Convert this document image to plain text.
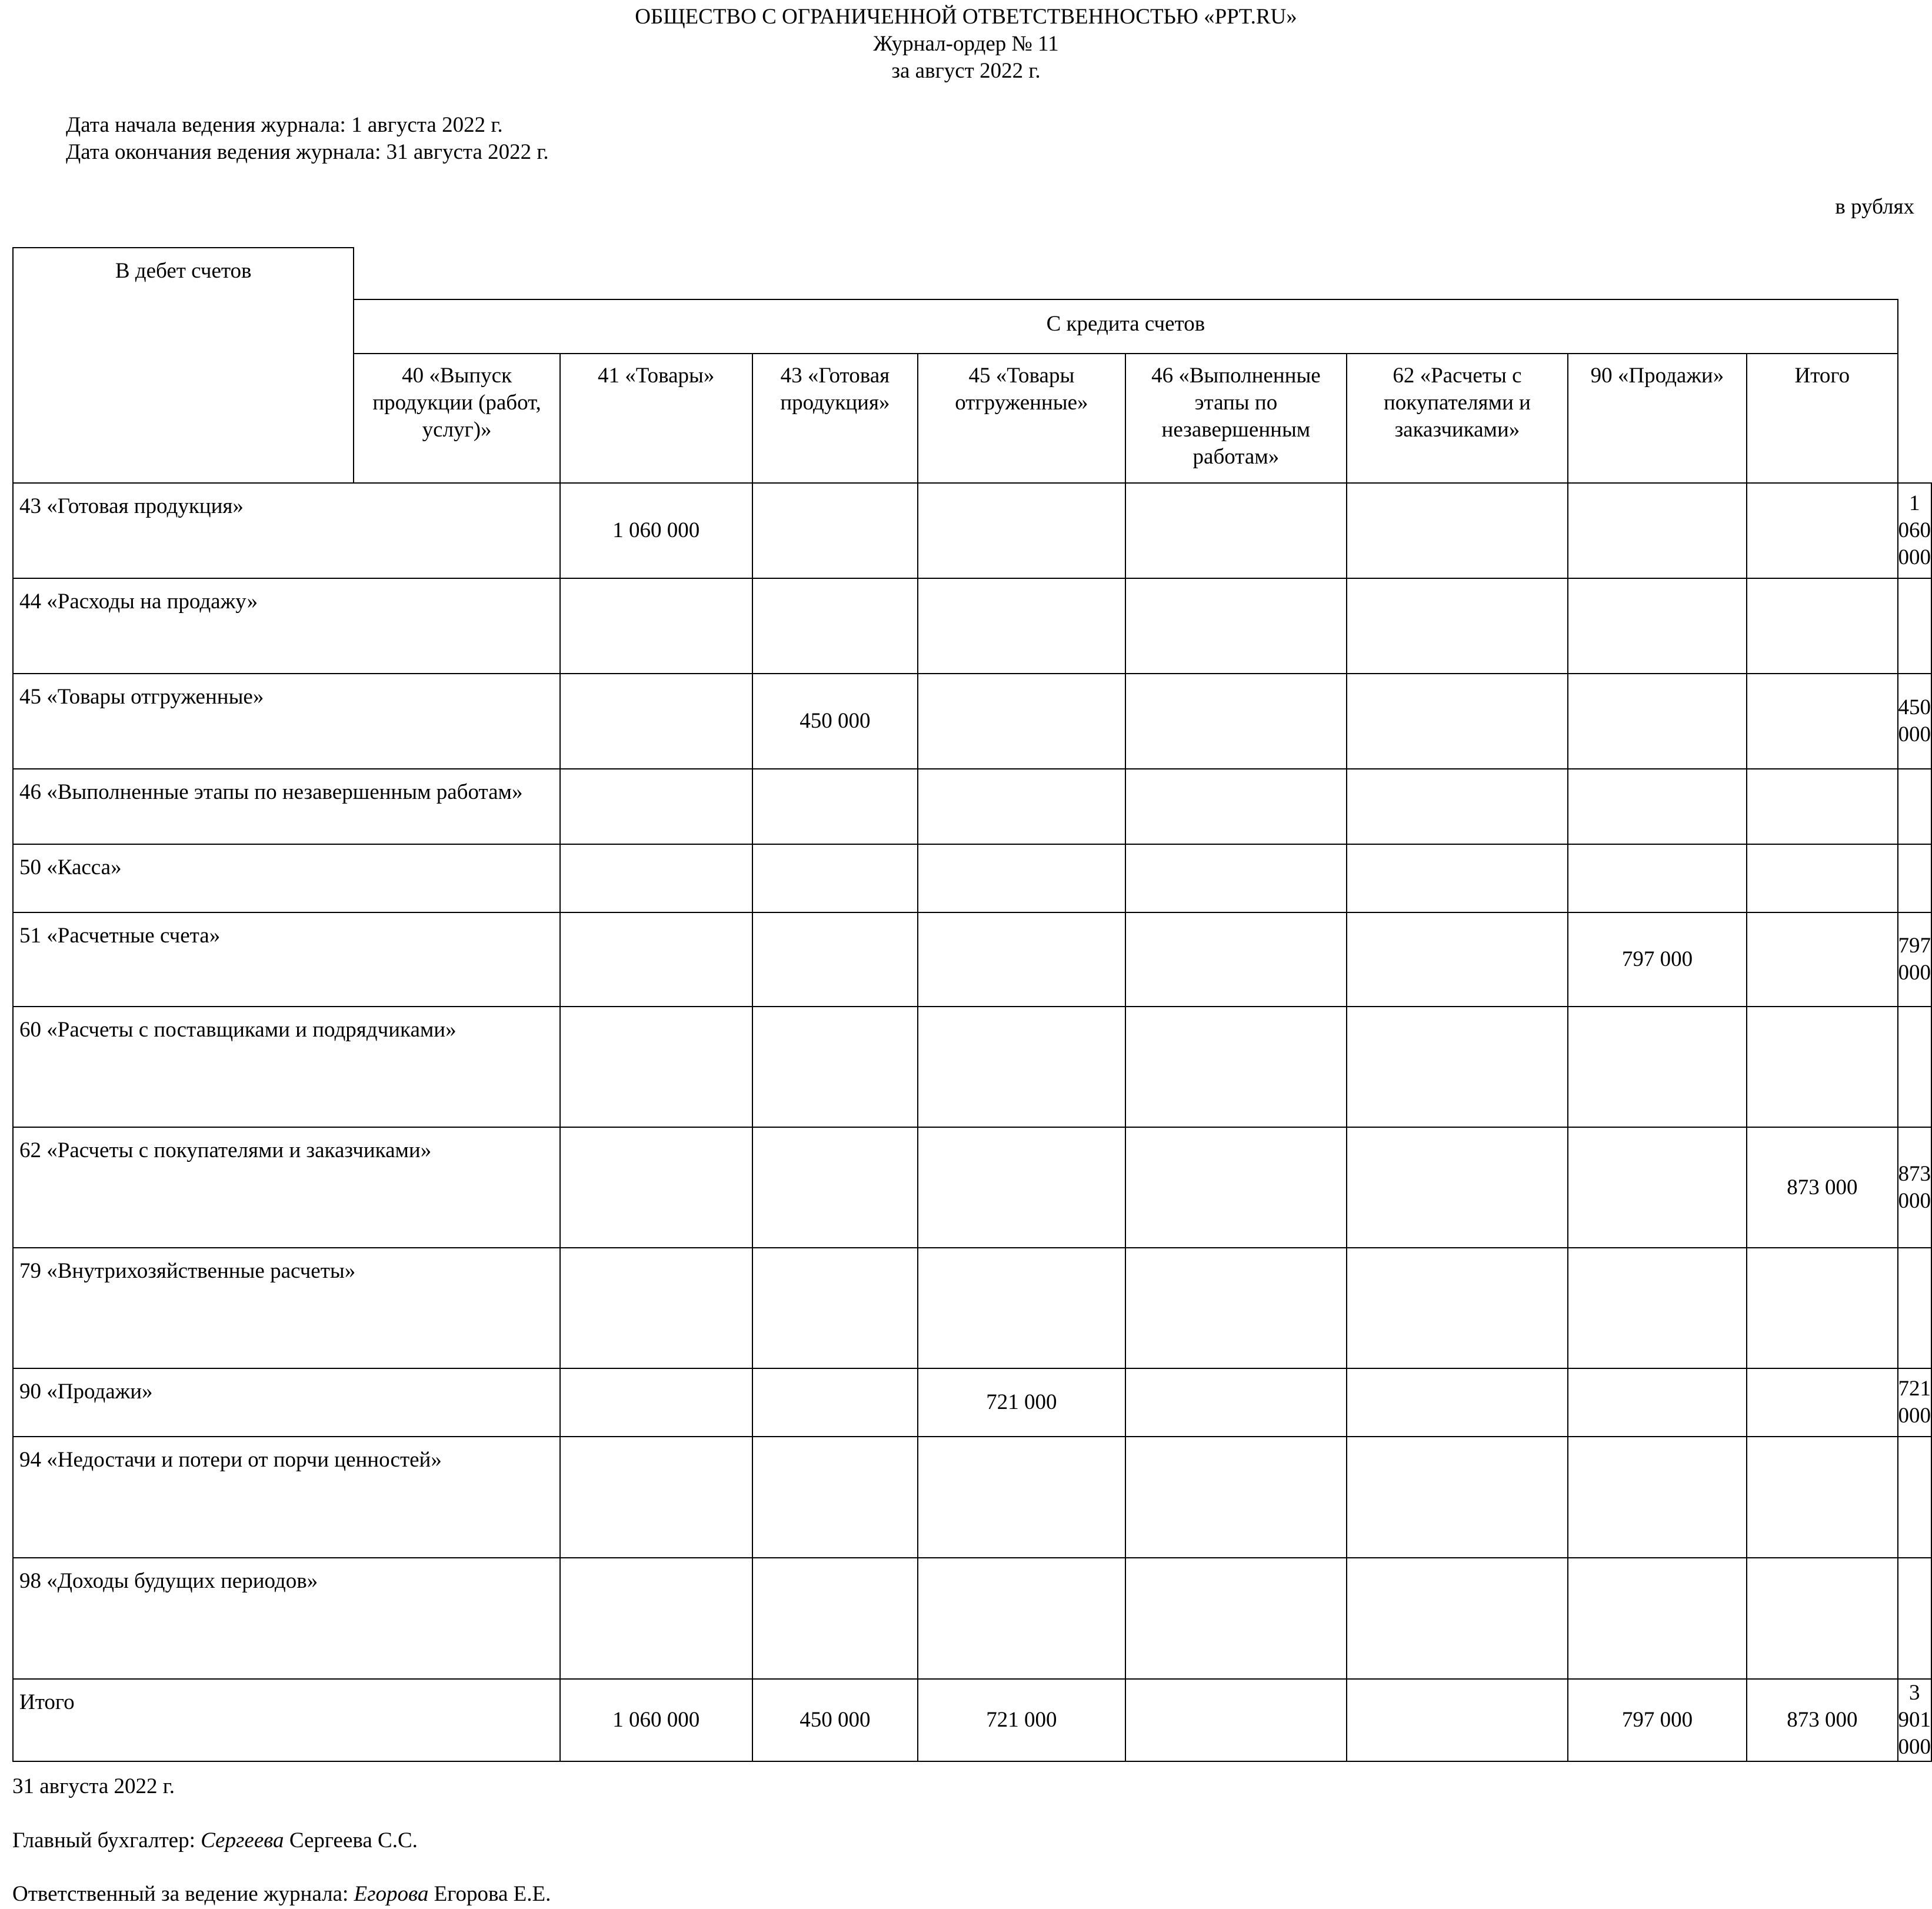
ОБЩЕСТВО С ОГРАНИЧЕННОЙ ОТВЕТСТВЕННОСТЬЮ «PPT.RU»
Журнал-ордер № 11
за август 2022 г.
Дата начала ведения журнала: 1 августа 2022 г.
Дата окончания ведения журнала: 31 августа 2022 г.
в рублях
В дебет счетов									
	С кредита счетов								
	40 «Выпуск продукции (работ, услуг)»	41 «Товары»	43 «Готовая продукция»	45 «Товары отгруженные»	46 «Выполненные этапы по незавершенным работам»	62 «Расчеты с покупателями и заказчиками»	90 «Продажи»	Итого	
43 «Готовая продукция»		1 060 000							1 060 000
44 «Расходы на продажу»									
45 «Товары отгруженные»			450 000						450 000
46 «Выполненные этапы по незавершенным работам»									
50 «Касса»									
51 «Расчетные счета»							797 000		797 000
60 «Расчеты с поставщиками и подрядчиками»									
62 «Расчеты с покупателями и заказчиками»								873 000	873 000
79 «Внутрихозяйственные расчеты»									
90 «Продажи»				721 000					721 000
94 «Недостачи и потери от порчи ценностей»									
98 «Доходы будущих периодов»									
Итого		1 060 000	450 000	721 000			797 000	873 000	3 901 000
31 августа 2022 г.
Главный бухгалтер: Сергеева Сергеева С.С.
Ответственный за ведение журнала: Егорова Егорова Е.Е.
